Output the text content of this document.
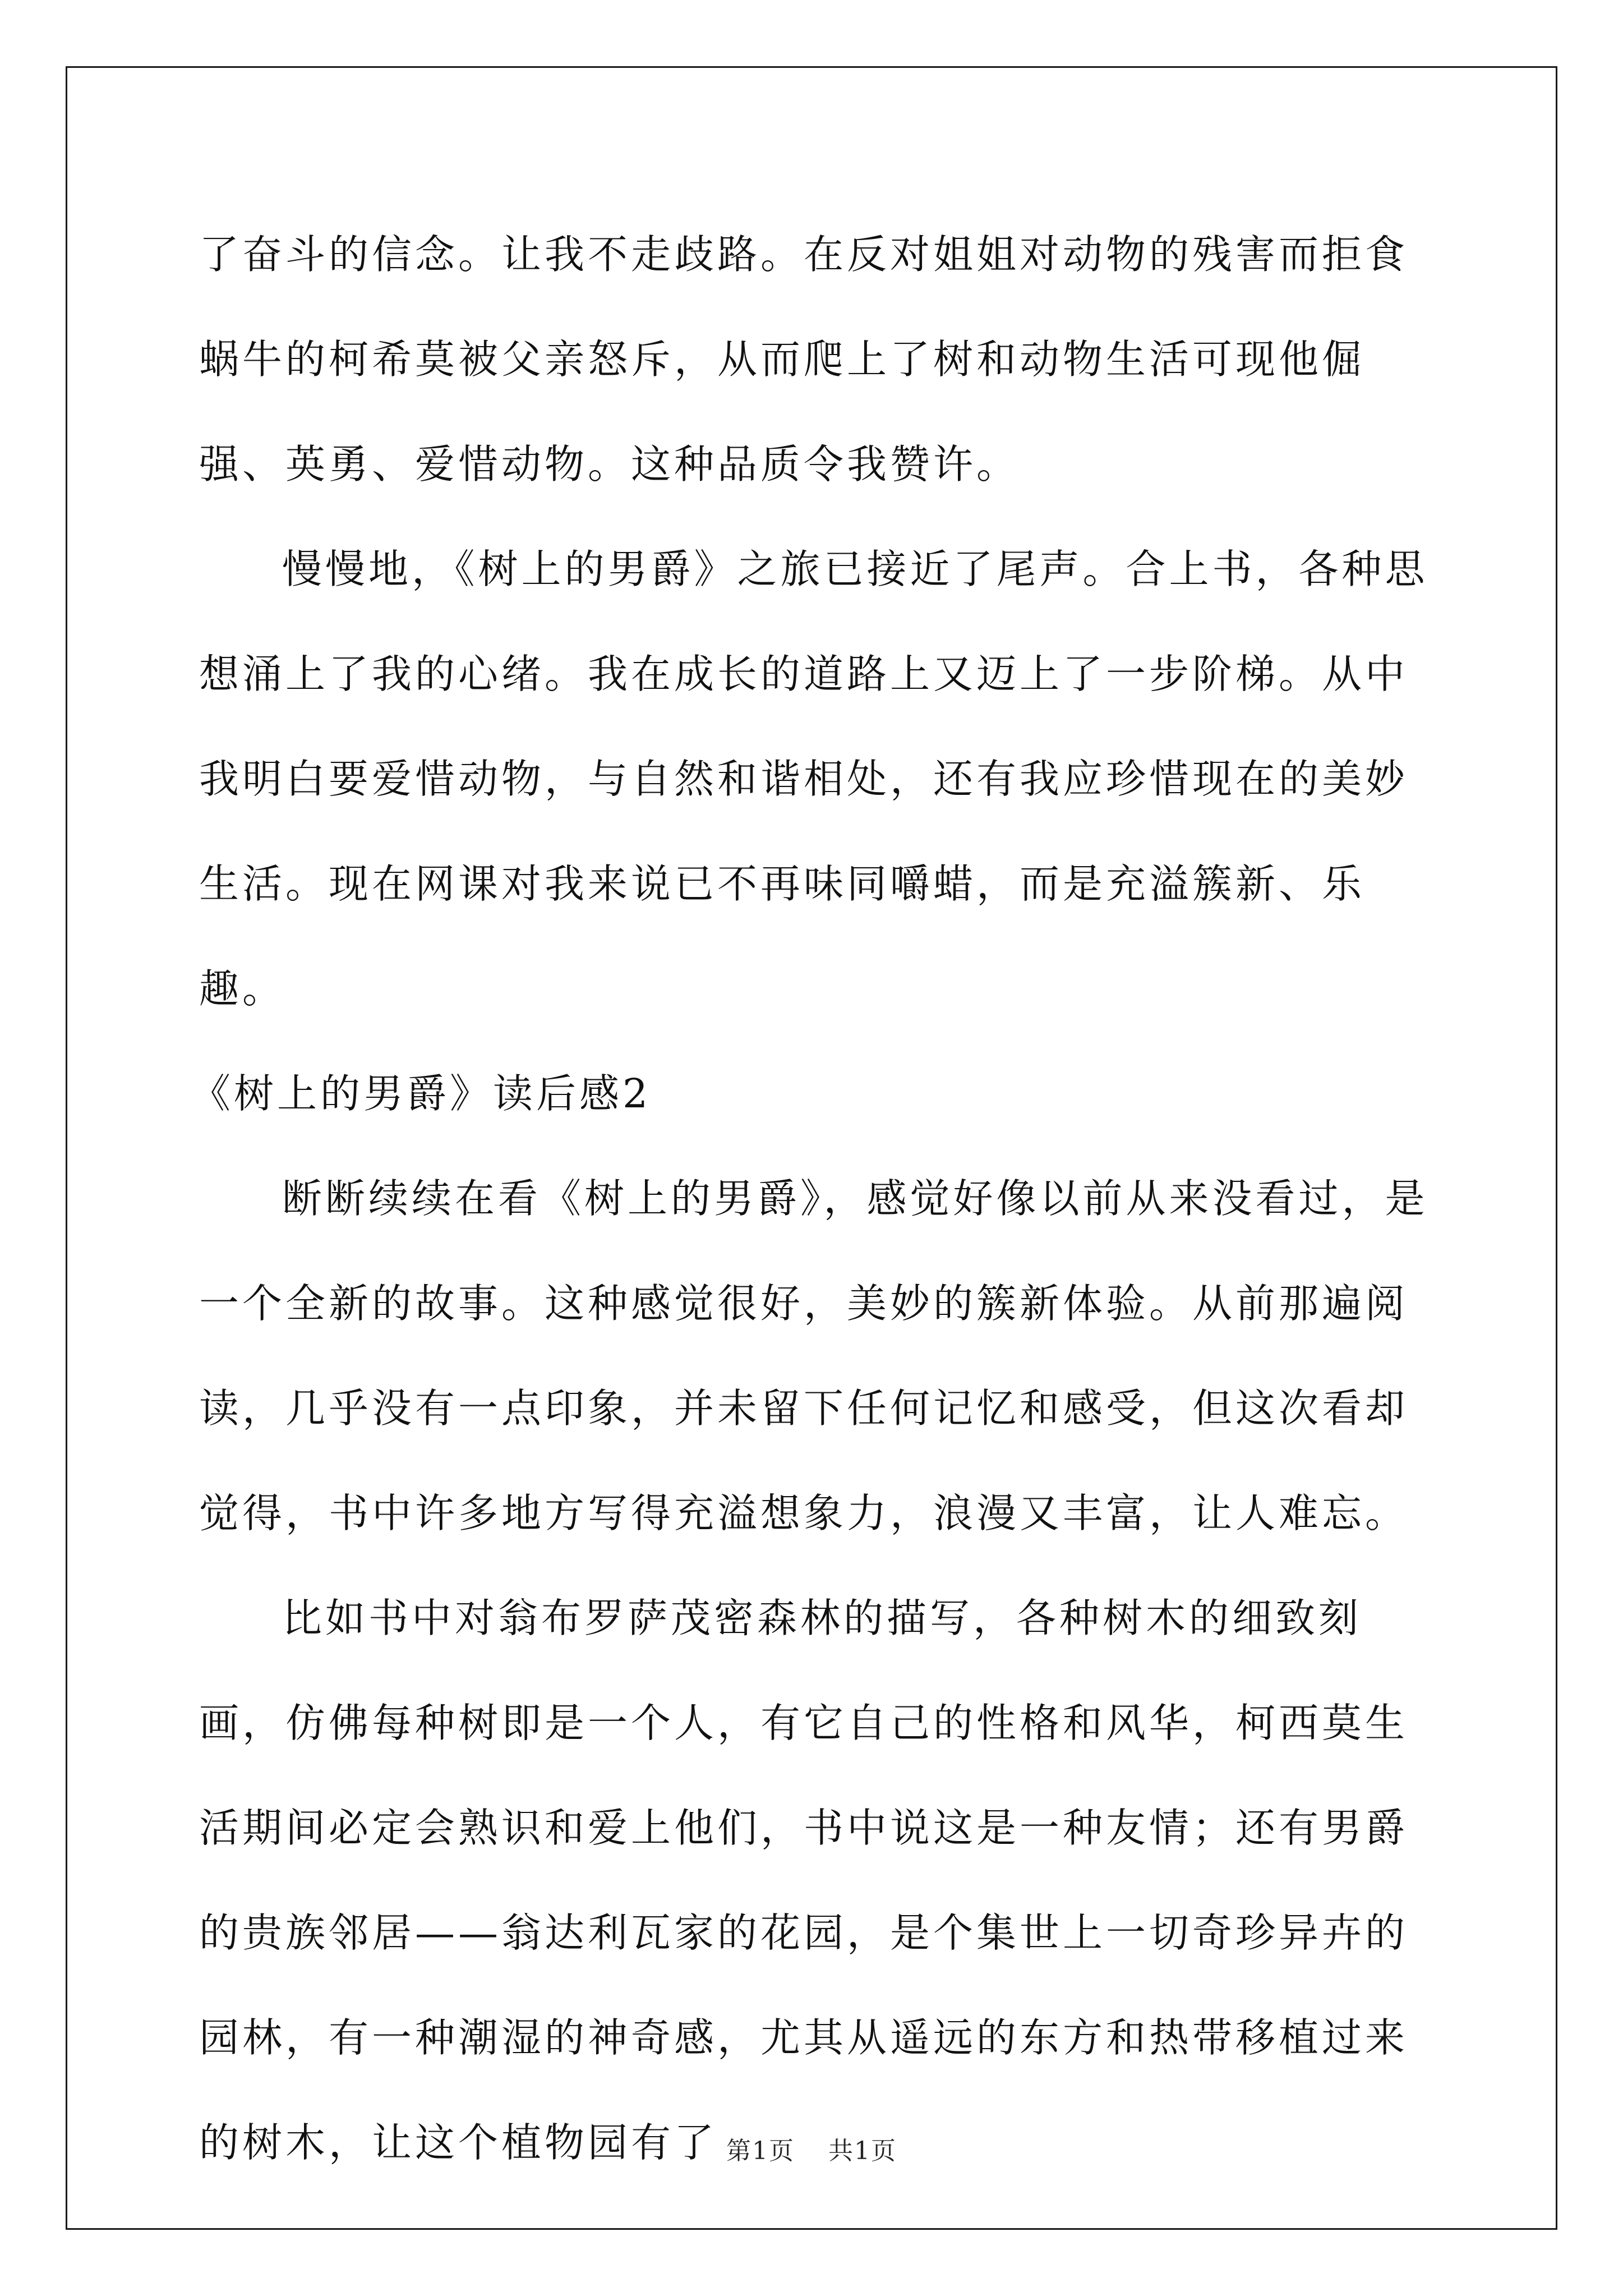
了奋斗的信念。让我不走歧路。在反对姐姐对动物的残害而拒食蜗牛的柯希莫被父亲怒斥，从而爬上了树和动物生活可现他倔强、英勇、爱惜动物。这种品质令我赞许。

慢慢地，《树上的男爵》之旅已接近了尾声。合上书，各种思想涌上了我的心绪。我在成长的道路上又迈上了一步阶梯。从中我明白要爱惜动物，与自然和谐相处，还有我应珍惜现在的美妙生活。现在网课对我来说已不再味同嚼蜡，而是充溢簇新、乐趣。

《树上的男爵》读后感2

断断续续在看《树上的男爵》，感觉好像以前从来没看过，是一个全新的故事。这种感觉很好，美妙的簇新体验。从前那遍阅读，几乎没有一点印象，并未留下任何记忆和感受，但这次看却觉得，书中许多地方写得充溢想象力，浪漫又丰富，让人难忘。

比如书中对翁布罗萨茂密森林的描写，各种树木的细致刻画，仿佛每种树即是一个人，有它自己的性格和风华，柯西莫生活期间必定会熟识和爱上他们，书中说这是一种友情；还有男爵的贵族邻居——翁达利瓦家的花园，是个集世上一切奇珍异卉的园林，有一种潮湿的神奇感，尤其从遥远的东方和热带移植过来的树木，让这个植物园有了 第1页 共1页
